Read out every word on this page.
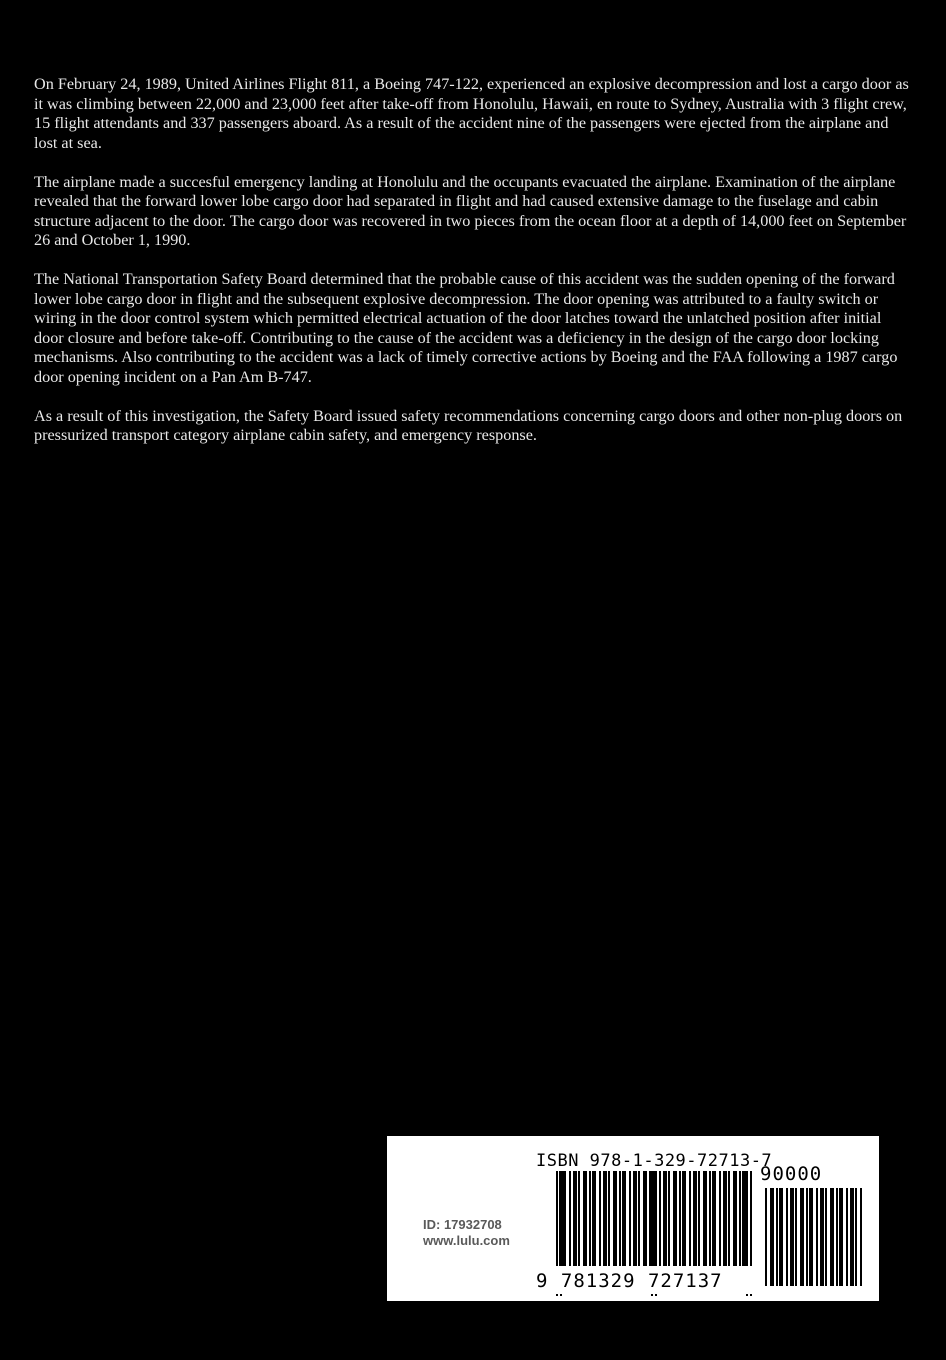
On February 24, 1989, United Airlines Flight 811, a Boeing 747-122, experienced an explosive decompression and lost a cargo door as it was climbing between 22,000 and 23,000 feet after take-off from Honolulu, Hawaii, en route to Sydney, Australia with 3 flight crew, 15 flight attendants and 337 passengers aboard. As a result of the accident nine of the passengers were ejected from the airplane and lost at sea.

The airplane made a succesful emergency landing at Honolulu and the occupants evacuated the airplane. Examination of the airplane revealed that the forward lower lobe cargo door had separated in flight and had caused extensive damage to the fuselage and cabin structure adjacent to the door. The cargo door was recovered in two pieces from the ocean floor at a depth of 14,000 feet on September 26 and October 1, 1990.

The National Transportation Safety Board determined that the probable cause of this accident was the sudden opening of the forward lower lobe cargo door in flight and the subsequent explosive decompression. The door opening was attributed to a faulty switch or wiring in the door control system which permitted electrical actuation of the door latches toward the unlatched position after initial door closure and before take-off. Contributing to the cause of the accident was a deficiency in the design of the cargo door locking mechanisms. Also contributing to the accident was a lack of timely corrective actions by Boeing and the FAA following a 1987 cargo door opening incident on a Pan Am B-747.

As a result of this investigation, the Safety Board issued safety recommendations concerning cargo doors and other non-plug doors on pressurized transport category airplane cabin safety, and emergency response.

ID: 17932708
www.lulu.com
ISBN 978-1-329-72713-7
9 781329 727137
90000
